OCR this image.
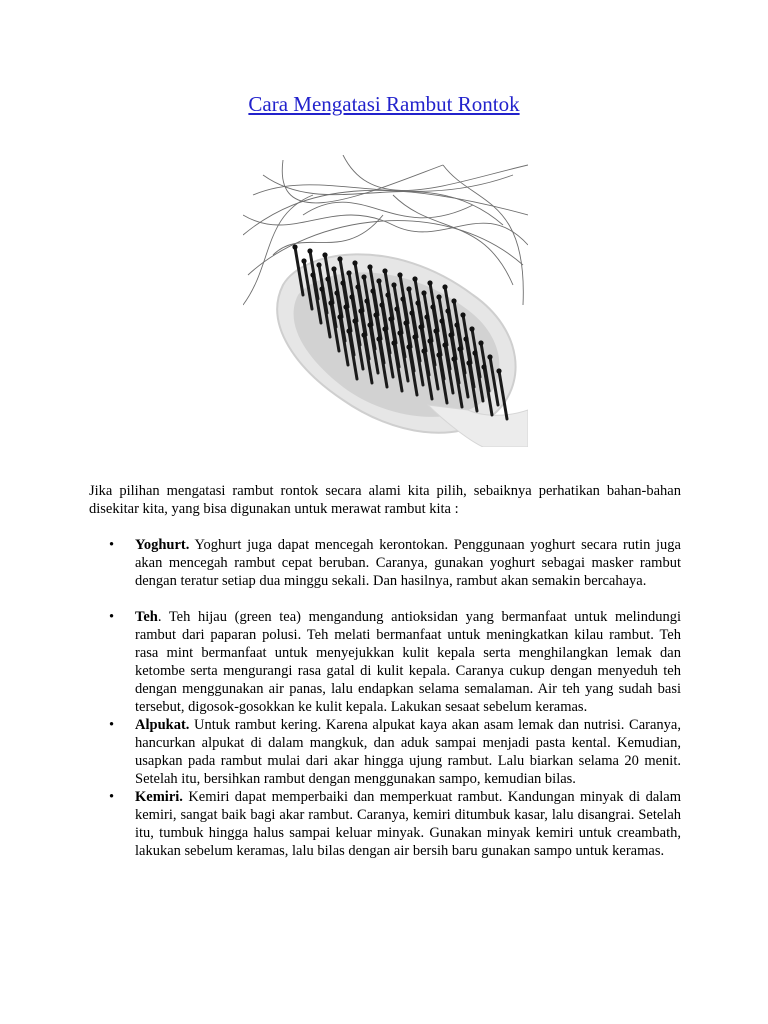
Cara Mengatasi Rambut Rontok
Jika pilihan mengatasi rambut rontok secara alami kita pilih, sebaiknya perhatikan bahan-bahan disekitar kita, yang bisa digunakan untuk merawat rambut kita :
• Yoghurt. Yoghurt juga dapat mencegah kerontokan. Penggunaan yoghurt secara rutin juga akan mencegah rambut cepat beruban. Caranya, gunakan yoghurt sebagai masker rambut dengan teratur setiap dua minggu sekali. Dan hasilnya, rambut akan semakin bercahaya.
• Teh. Teh hijau (green tea) mengandung antioksidan yang bermanfaat untuk melindungi rambut dari paparan polusi. Teh melati bermanfaat untuk meningkatkan kilau rambut. Teh rasa mint bermanfaat untuk menyejukkan kulit kepala serta menghilangkan lemak dan ketombe serta mengurangi rasa gatal di kulit kepala. Caranya cukup dengan menyeduh teh dengan menggunakan air panas, lalu endapkan selama semalaman. Air teh yang sudah basi tersebut, digosok-gosokkan ke kulit kepala. Lakukan sesaat sebelum keramas.
• Alpukat. Untuk rambut kering. Karena alpukat kaya akan asam lemak dan nutrisi. Caranya, hancurkan alpukat di dalam mangkuk, dan aduk sampai menjadi pasta kental. Kemudian, usapkan pada rambut mulai dari akar hingga ujung rambut. Lalu biarkan selama 20 menit. Setelah itu, bersihkan rambut dengan menggunakan sampo, kemudian bilas.
• Kemiri. Kemiri dapat memperbaiki dan memperkuat rambut. Kandungan minyak di dalam kemiri, sangat baik bagi akar rambut. Caranya, kemiri ditumbuk kasar, lalu disangrai. Setelah itu, tumbuk hingga halus sampai keluar minyak. Gunakan minyak kemiri untuk creambath, lakukan sebelum keramas, lalu bilas dengan air bersih baru gunakan sampo untuk keramas.
